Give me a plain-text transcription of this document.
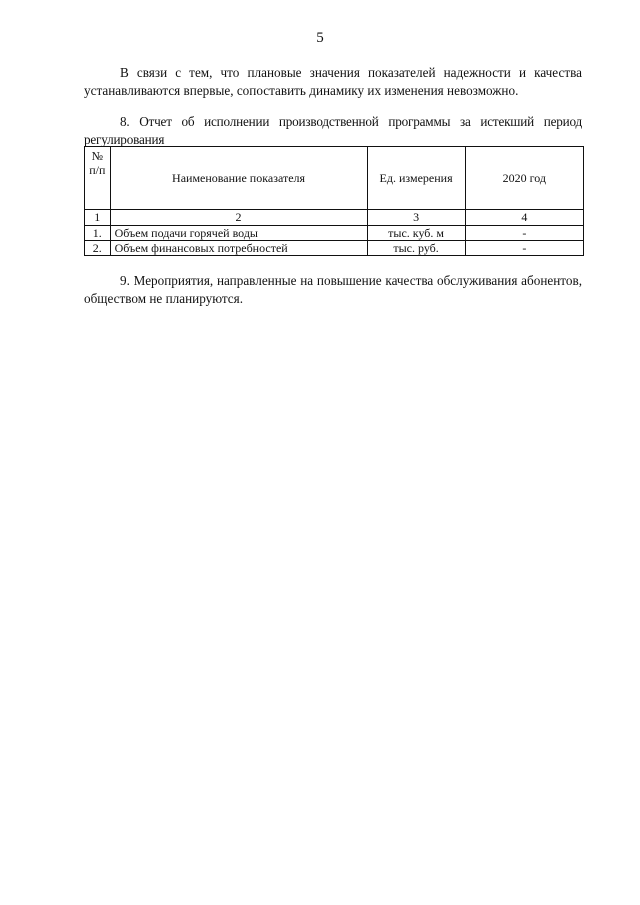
5

В связи с тем, что плановые значения показателей надежности и качества устанавливаются впервые, сопоставить динамику их изменения невозможно.

8. Отчет об исполнении производственной программы за истекший период регулирования

№ п/п	Наименование показателя	Ед. измерения	2020 год
1	2	3	4
1.	Объем подачи горячей воды	тыс. куб. м	-
2.	Объем финансовых потребностей	тыс. руб.	-

9. Мероприятия, направленные на повышение качества обслуживания абонентов, обществом не планируются.
